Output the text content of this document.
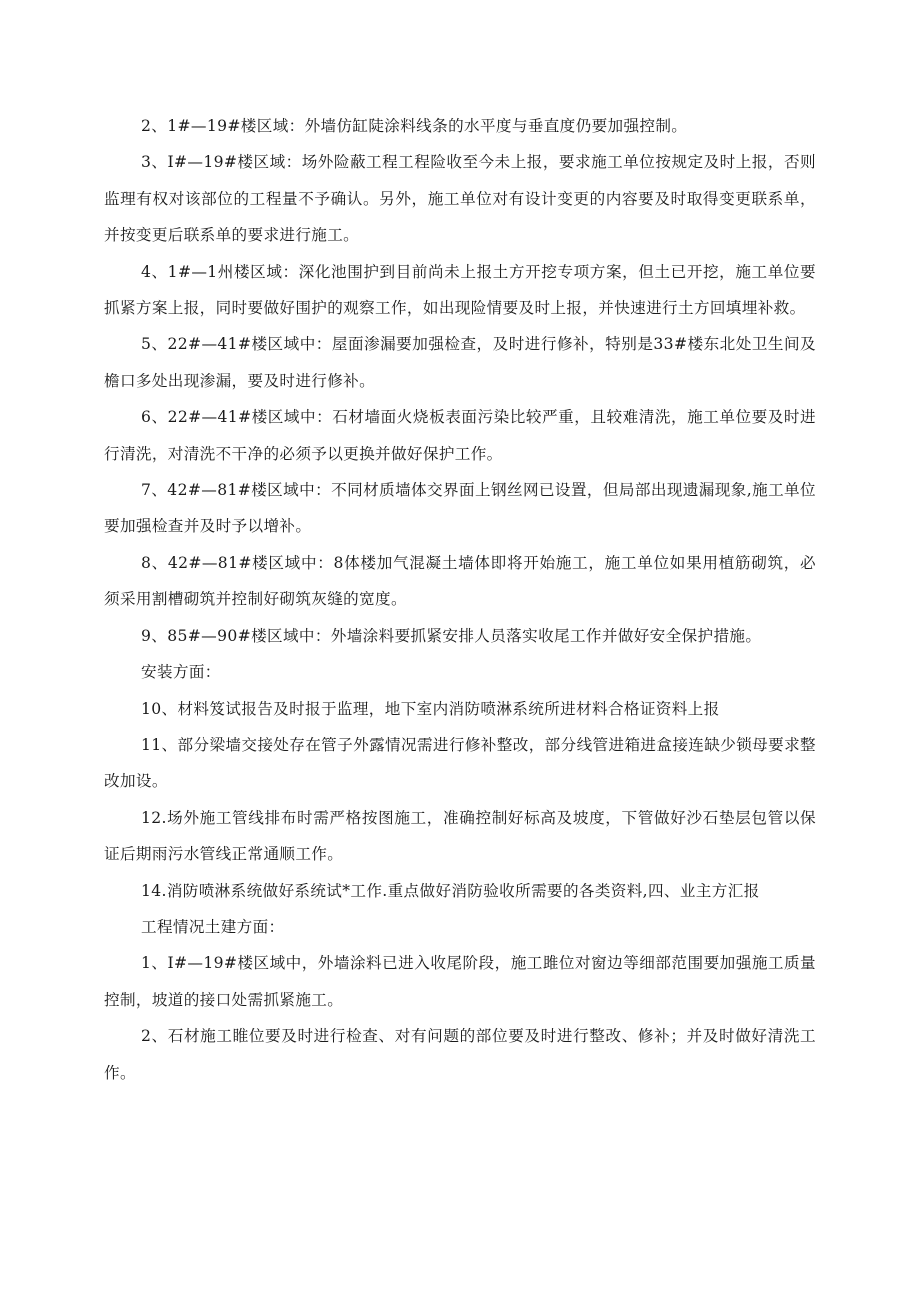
2、1#—19#楼区域：外墙仿缸陡涂料线条的水平度与垂直度仍要加强控制。

3、I#—19#楼区域：场外险蔽工程工程险收至今未上报，要求施工单位按规定及时上报，否则监理有权对该部位的工程量不予确认。另外，施工单位对有设计变更的内容要及时取得变更联系单，并按变更后联系单的要求进行施工。

4、1#—1州楼区域：深化池围护到目前尚未上报土方开挖专项方案，但土已开挖，施工单位要抓紧方案上报，同时要做好围护的观察工作，如出现险情要及时上报，并快速进行土方回填埋补救。

5、22#—41#楼区域中：屋面渗漏要加强检查，及时进行修补，特别是33#楼东北处卫生间及檐口多处出现渗漏，要及时进行修补。

6、22#—41#楼区域中：石材墙面火烧板表面污染比较严重，且较难清洗，施工单位要及时进行清洗，对清洗不干净的必须予以更换并做好保护工作。

7、42#—81#楼区域中：不同材质墙体交界面上钢丝网已设置，但局部出现遗漏现象,施工单位要加强检查并及时予以增补。

8、42#—81#楼区域中：8体楼加气混凝土墙体即将开始施工，施工单位如果用植筋砌筑，必须采用割槽砌筑并控制好砌筑灰缝的宽度。

9、85#—90#楼区域中：外墙涂料要抓紧安排人员落实收尾工作并做好安全保护措施。

安装方面：

10、材料笈试报告及时报于监理，地下室内消防喷淋系统所进材料合格证资料上报

11、部分梁墙交接处存在管子外露情况需进行修补整改，部分线管进箱进盒接连缺少锁母要求整改加设。

12.场外施工管线排布时需严格按图施工，准确控制好标高及坡度，下管做好沙石垫层包管以保证后期雨污水管线正常通顺工作。

14.消防喷淋系统做好系统试*工作.重点做好消防验收所需要的各类资料,四、业主方汇报

工程情况土建方面：

1、I#—19#楼区域中，外墙涂料已进入收尾阶段，施工雎位对窗边等细部范围要加强施工质量控制，坡道的接口处需抓紧施工。

2、石材施工睢位要及时进行检查、对有问题的部位要及时进行整改、修补；并及时做好清洗工作。
